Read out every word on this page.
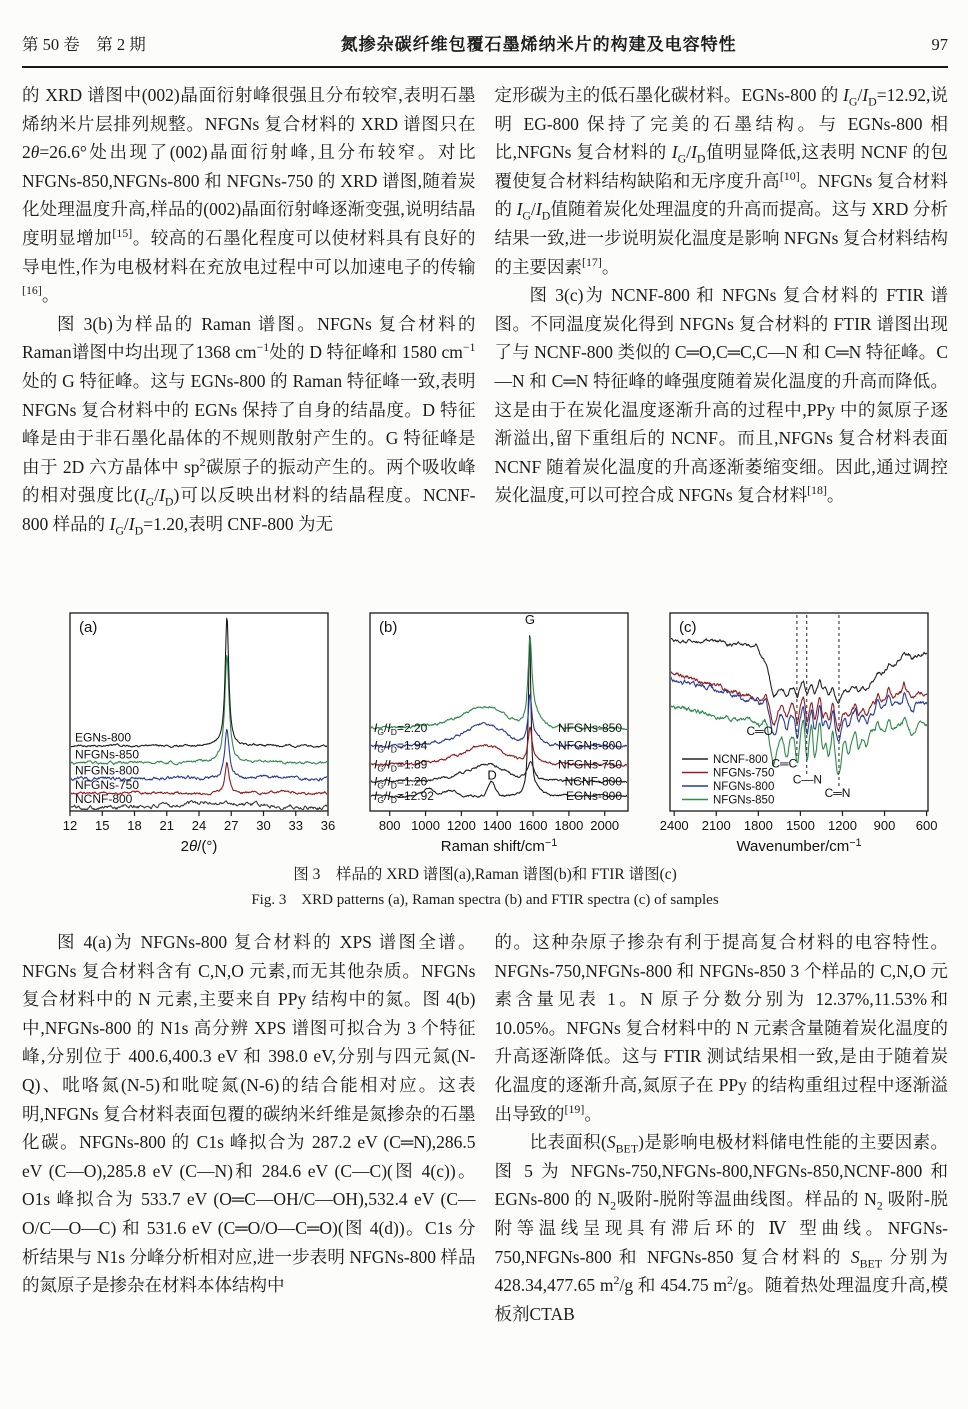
第 50 卷　第 2 期	氮掺杂碳纤维包覆石墨烯纳米片的构建及电容特性	97

的 XRD 谱图中(002)晶面衍射峰很强且分布较窄,表明石墨烯纳米片层排列规整。NFGNs 复合材料的 XRD 谱图只在 2θ=26.6°处出现了(002)晶面衍射峰,且分布较窄。对比 NFGNs-850,NFGNs-800 和 NFGNs-750 的 XRD 谱图,随着炭化处理温度升高,样品的(002)晶面衍射峰逐渐变强,说明结晶度明显增加[15]。较高的石墨化程度可以使材料具有良好的导电性,作为电极材料在充放电过程中可以加速电子的传输[16]。

图 3(b)为样品的 Raman 谱图。NFGNs 复合材料的Raman谱图中均出现了1368 $cm^{-1}$处的 D 特征峰和 1580 $cm^{-1}$ 处的 G 特征峰。这与 EGNs-800 的 Raman 特征峰一致,表明 NFGNs 复合材料中的 EGNs 保持了自身的结晶度。D 特征峰是由于非石墨化晶体的不规则散射产生的。G 特征峰是由于 2D 六方晶体中 $sp^2$碳原子的振动产生的。两个吸收峰的相对强度比$(I_G/I_D)$可以反映出材料的结晶程度。NCNF-800 样品的 $I_G/I_D=1.20$,表明 CNF-800 为无

定形碳为主的低石墨化碳材料。EGNs-800 的 $I_G/I_D=12.92$,说明 EG-800 保持了完美的石墨结构。与 EGNs-800 相比,NFGNs 复合材料的 $I_G/I_D$值明显降低,这表明 NCNF 的包覆使复合材料结构缺陷和无序度升高[10]。NFGNs 复合材料的 $I_G/I_D$值随着炭化处理温度的升高而提高。这与 XRD 分析结果一致,进一步说明炭化温度是影响 NFGNs 复合材料结构的主要因素[17]。

图 3(c)为 NCNF-800 和 NFGNs 复合材料的 FTIR 谱图。不同温度炭化得到 NFGNs 复合材料的 FTIR 谱图出现了与 NCNF-800 类似的 C═O,C═C,C—N 和 C═N 特征峰。C—N 和 C═N 特征峰的峰强度随着炭化温度的升高而降低。这是由于在炭化温度逐渐升高的过程中,PPy 中的氮原子逐渐溢出,留下重组后的 NCNF。而且,NFGNs 复合材料表面 NCNF 随着炭化温度的升高逐渐萎缩变细。因此,通过调控炭化温度,可以可控合成 NFGNs 复合材料[18]。

12 15 18 21 24 27 30 33 36
2θ/(°)
(a)
EGNs-800
NFGNs-850
NFGNs-800
NFGNs-750
NCNF-800
800 1000 1200 1400 1600 1800 2000
Raman shift/$cm^{-1}$
(b)
$I_G/I_D=2.20$	NFGNs-850
$I_G/I_D=1.94$	NFGNs-800
$I_G/I_D=1.89$	NFGNs-750
$I_G/I_D=1.20$	NCNF-800
$I_G/I_D=12.92$	EGNs-800
G
D
2400 2100 1800 1500 1200 900 600
Wavenumber/$cm^{-1}$
(c)
C═O
C═C
C—N
C═N
NCNF-800
NFGNs-750
NFGNs-800
NFGNs-850
图 3　样品的 XRD 谱图(a),Raman 谱图(b)和 FTIR 谱图(c)
Fig. 3　XRD patterns (a), Raman spectra (b) and FTIR spectra (c) of samples

图 4(a)为 NFGNs-800 复合材料的 XPS 谱图全谱。NFGNs 复合材料含有 C,N,O 元素,而无其他杂质。NFGNs 复合材料中的 N 元素,主要来自 PPy 结构中的氮。图 4(b)中,NFGNs-800 的 N1s 高分辨 XPS 谱图可拟合为 3 个特征峰,分别位于 400.6,400.3 eV 和 398.0 eV,分别与四元氮(N-Q)、吡咯氮(N-5)和吡啶氮(N-6)的结合能相对应。这表明,NFGNs 复合材料表面包覆的碳纳米纤维是氮掺杂的石墨化碳。NFGNs-800 的 C1s 峰拟合为 287.2 eV (C═N),286.5 eV (C—O),285.8 eV (C—N)和 284.6 eV (C—C)(图 4(c))。O1s 峰拟合为 533.7 eV (O═C—OH/C—OH),532.4 eV (C—O/C—O—C) 和 531.6 eV (C═O/O—C═O)(图 4(d))。C1s 分析结果与 N1s 分峰分析相对应,进一步表明 NFGNs-800 样品的氮原子是掺杂在材料本体结构中

的。这种杂原子掺杂有利于提高复合材料的电容特性。NFGNs-750,NFGNs-800 和 NFGNs-850 3 个样品的 C,N,O 元素含量见表 1。N 原子分数分别为 12.37%,11.53%和 10.05%。NFGNs 复合材料中的 N 元素含量随着炭化温度的升高逐渐降低。这与 FTIR 测试结果相一致,是由于随着炭化温度的逐渐升高,氮原子在 PPy 的结构重组过程中逐渐溢出导致的[19]。

比表面积$(S_{BET})$是影响电极材料储电性能的主要因素。图 5 为 NFGNs-750,NFGNs-800,NFGNs-850,NCNF-800 和 EGNs-800 的 $N_2$吸附-脱附等温曲线图。样品的 $N_2$ 吸附-脱附等温线呈现具有滞后环的 Ⅳ 型曲线。NFGNs-750,NFGNs-800 和 NFGNs-850 复合材料的 $S_{BET}$ 分别为 428.34,477.65 $m^2/g$ 和 454.75 $m^2/g$。随着热处理温度升高,模板剂CTAB
